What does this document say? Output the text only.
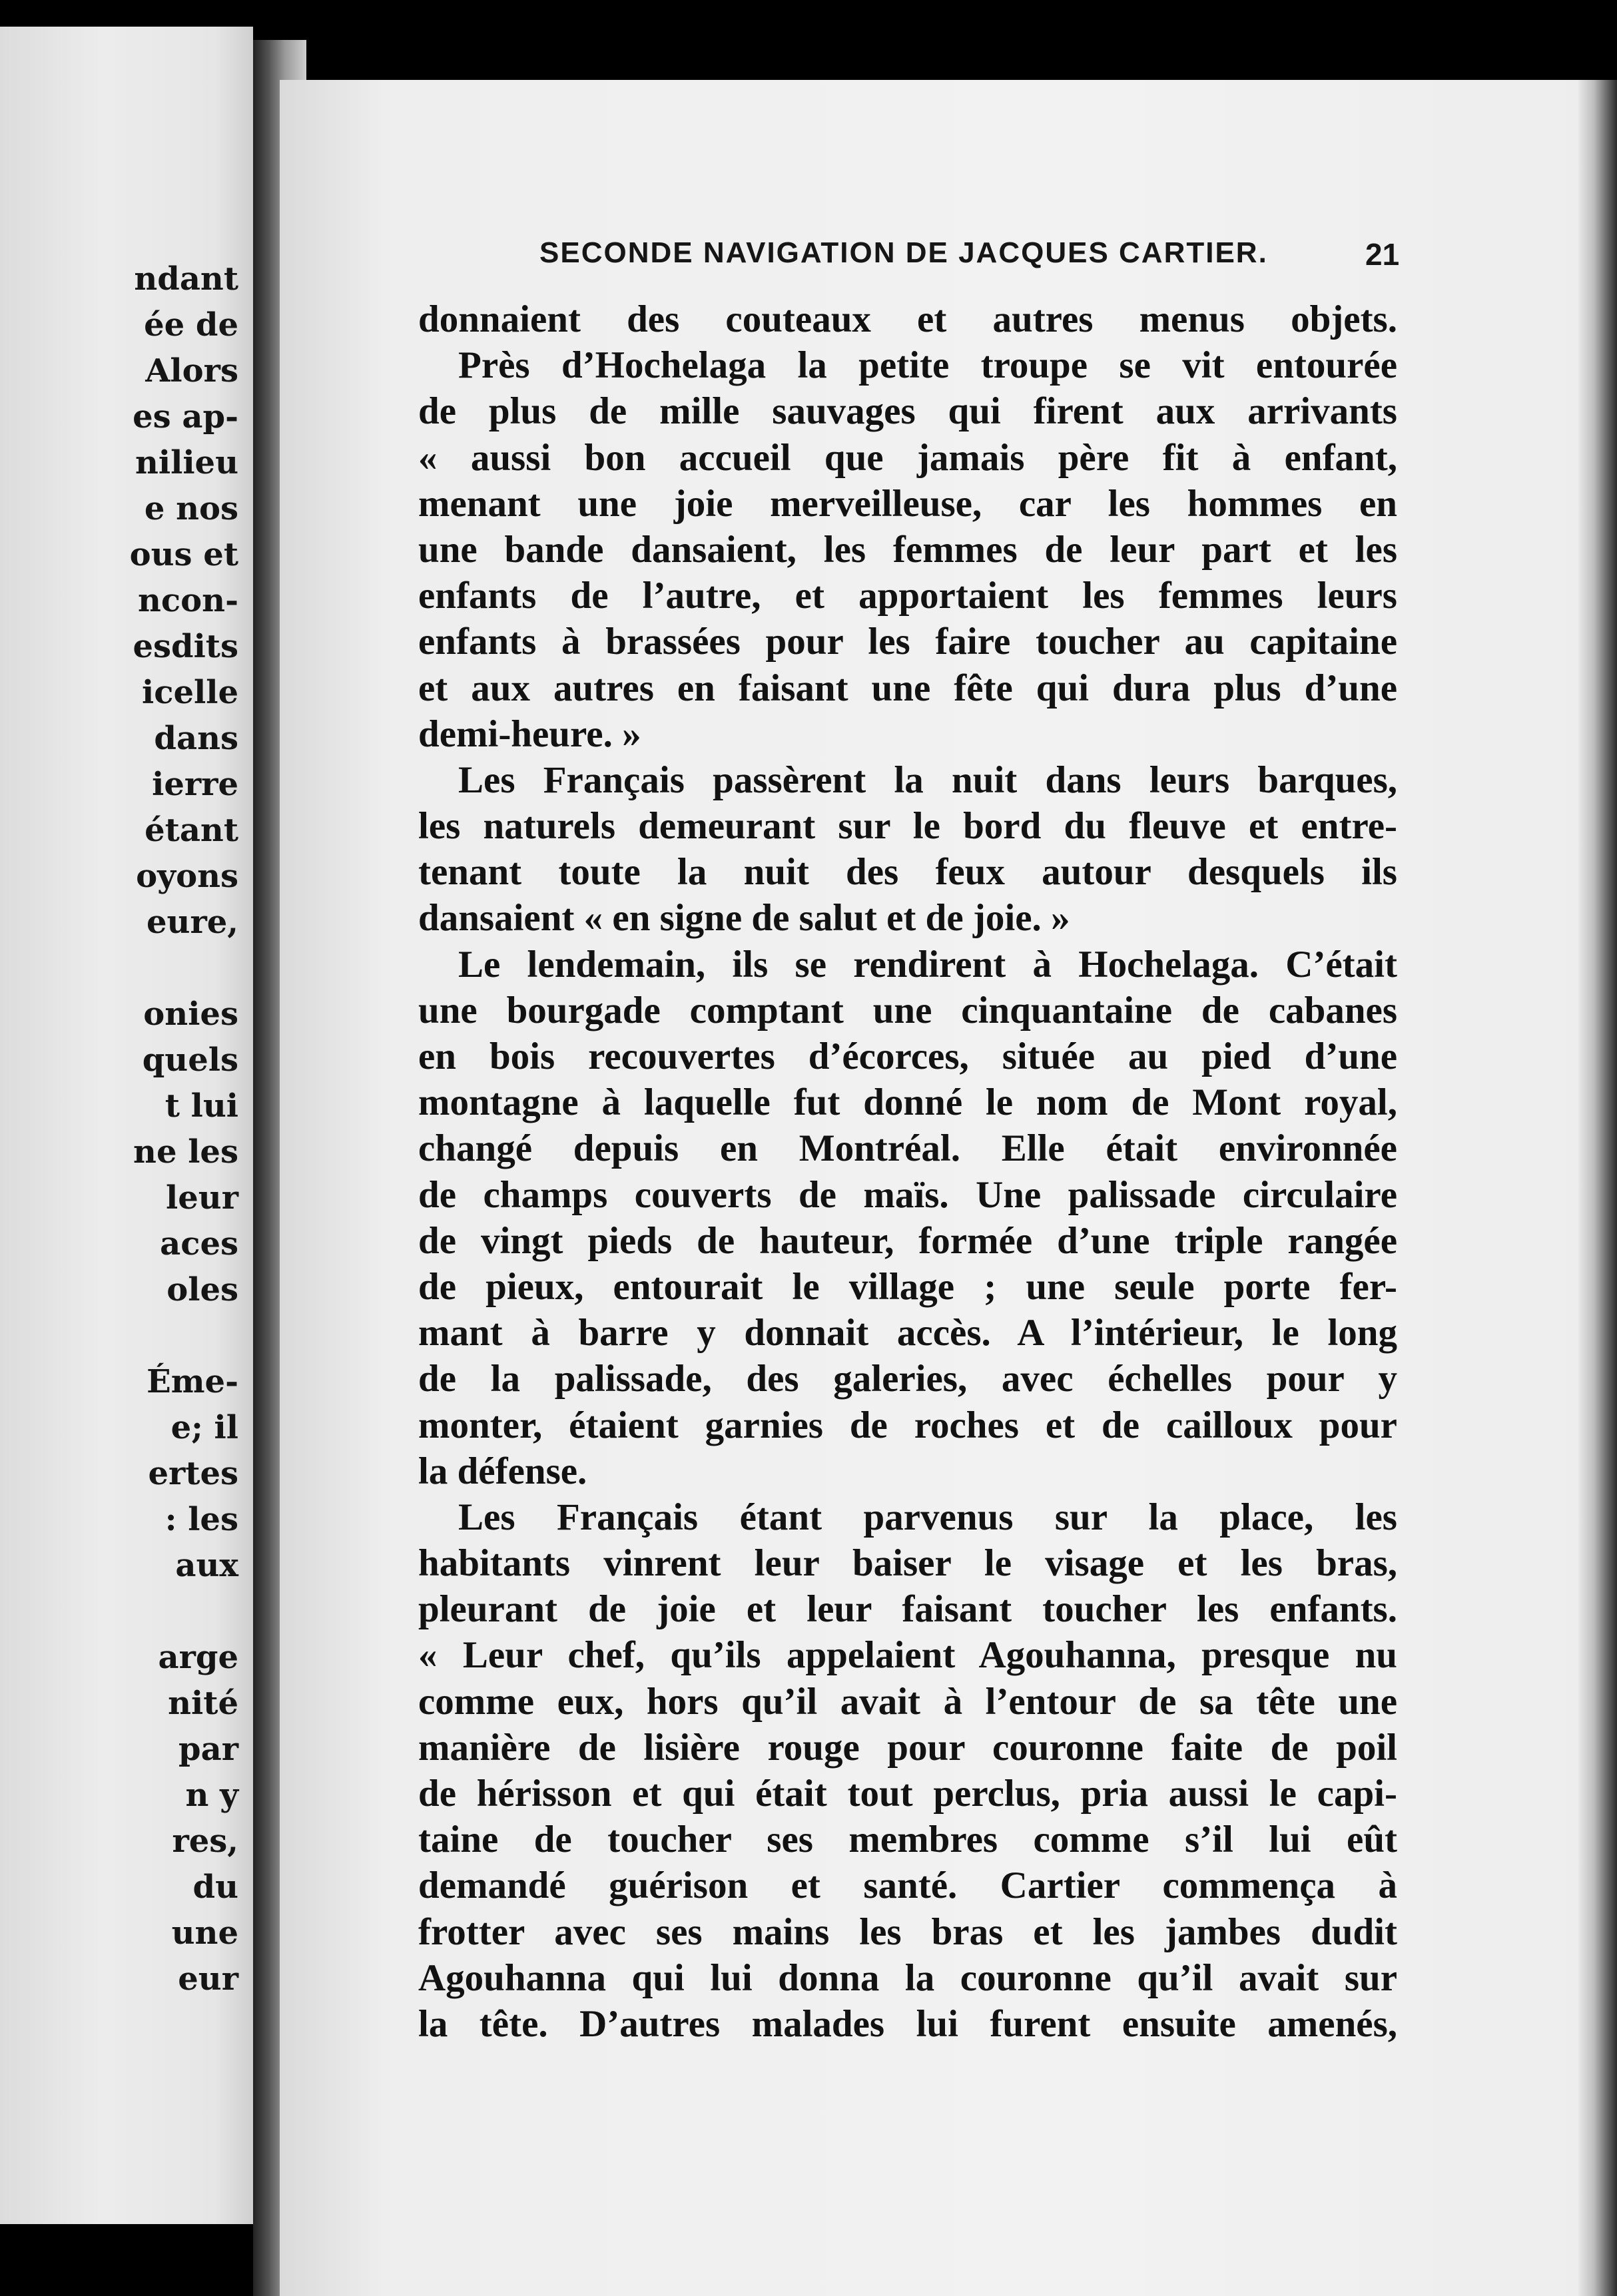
ndant
ée de
Alors
es ap-
nilieu
e nos
ous et
ncon-
esdits
icelle
dans
ierre
étant
oyons
eure,
onies
quels
t lui
ne les
leur
aces
oles
Éme-
e; il
ertes
: les
aux
arge
nité
par
n y
res,
du
une
eur
SECONDE NAVIGATION DE JACQUES CARTIER.	21
donnaient des couteaux et autres menus objets.
Près d’Hochelaga la petite troupe se vit entourée
de plus de mille sauvages qui firent aux arrivants
« aussi bon accueil que jamais père fit à enfant,
menant une joie merveilleuse, car les hommes en
une bande dansaient, les femmes de leur part et les
enfants de l’autre, et apportaient les femmes leurs
enfants à brassées pour les faire toucher au capitaine
et aux autres en faisant une fête qui dura plus d’une
demi-heure. »
Les Français passèrent la nuit dans leurs barques,
les naturels demeurant sur le bord du fleuve et entre-
tenant toute la nuit des feux autour desquels ils
dansaient « en signe de salut et de joie. »
Le lendemain, ils se rendirent à Hochelaga. C’était
une bourgade comptant une cinquantaine de cabanes
en bois recouvertes d’écorces, située au pied d’une
montagne à laquelle fut donné le nom de Mont royal,
changé depuis en Montréal. Elle était environnée
de champs couverts de maïs. Une palissade circulaire
de vingt pieds de hauteur, formée d’une triple rangée
de pieux, entourait le village ; une seule porte fer-
mant à barre y donnait accès. A l’intérieur, le long
de la palissade, des galeries, avec échelles pour y
monter, étaient garnies de roches et de cailloux pour
la défense.
Les Français étant parvenus sur la place, les
habitants vinrent leur baiser le visage et les bras,
pleurant de joie et leur faisant toucher les enfants.
« Leur chef, qu’ils appelaient Agouhanna, presque nu
comme eux, hors qu’il avait à l’entour de sa tête une
manière de lisière rouge pour couronne faite de poil
de hérisson et qui était tout perclus, pria aussi le capi-
taine de toucher ses membres comme s’il lui eût
demandé guérison et santé. Cartier commença à
frotter avec ses mains les bras et les jambes dudit
Agouhanna qui lui donna la couronne qu’il avait sur
la tête. D’autres malades lui furent ensuite amenés,
